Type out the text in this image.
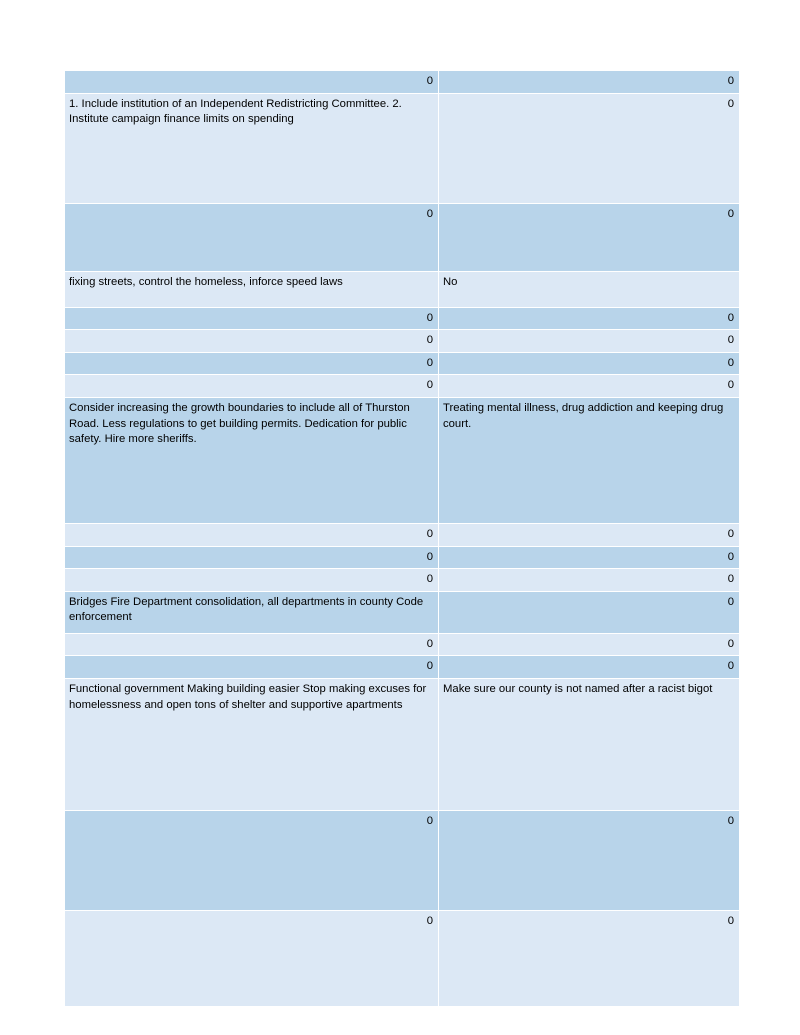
0	0
1. Include institution of an Independent Redistricting Committee. 2. Institute campaign finance limits on spending	0
0	0
fixing streets, control the homeless, inforce speed laws	No
0	0
0	0
0	0
0	0
Consider increasing the growth boundaries to include all of Thurston Road. Less regulations to get building permits. Dedication for public safety. Hire more sheriffs.	Treating mental illness, drug addiction and keeping drug court.
0	0
0	0
0	0
Bridges Fire Department consolidation, all departments in county Code enforcement	0
0	0
0	0
Functional government Making building easier Stop making excuses for homelessness and open tons of shelter and supportive apartments	Make sure our county is not named after a racist bigot
0	0
0	0
